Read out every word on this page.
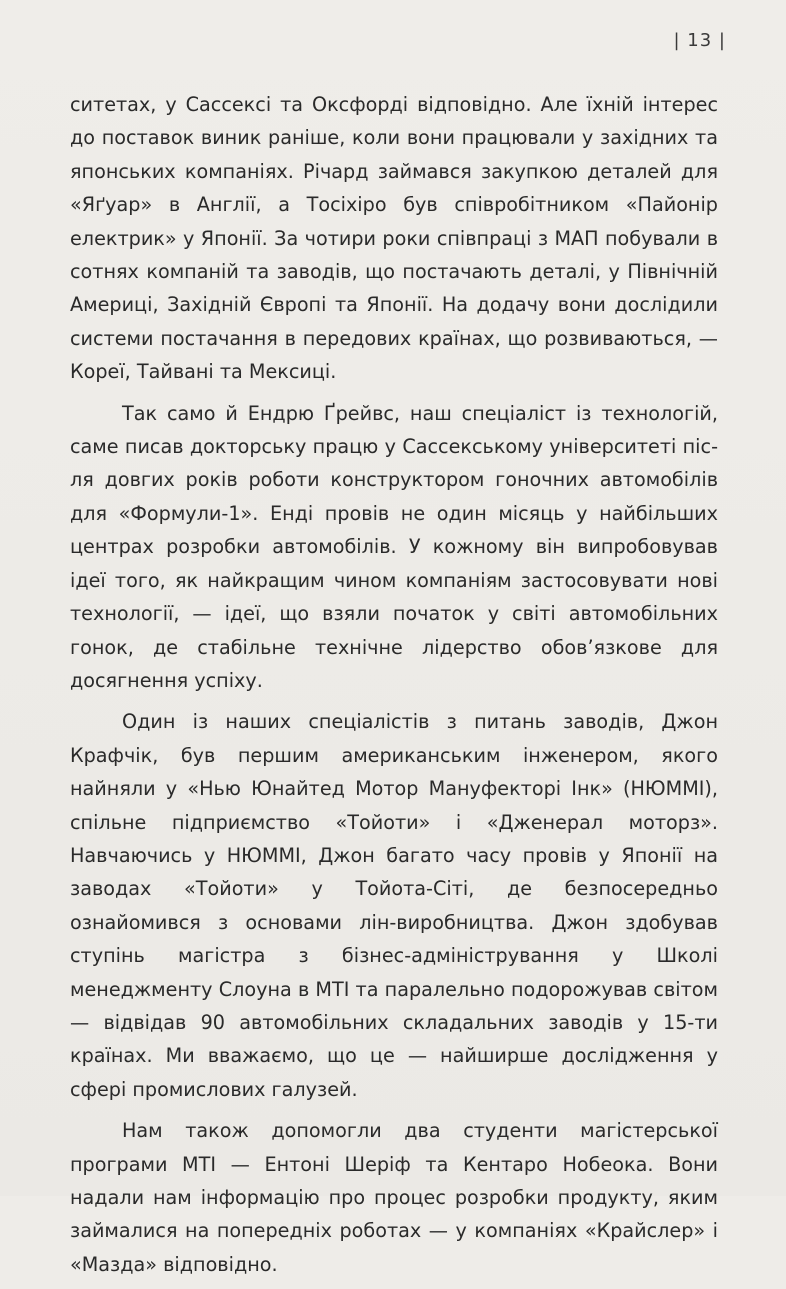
| 13 |

ситетах, у Сассексі та Оксфорді відповідно. Але їхній інтерес до поставок виник раніше, коли вони працювали у західних та японських компаніях. Річард займався закупкою деталей для «Яґуар» в Англії, а Тосіхіро був співробітником «Пайонір електрик» у Японії. За чотири роки співпраці з МАП побували в сотнях компаній та заводів, що постачають деталі, у Північній Америці, Західній Європі та Японії. На додачу вони дослідили системи постачання в передових країнах, що розвиваються, — Кореї, Тайвані та Мексиці.

Так само й Ендрю Ґрейвс, наш спеціаліст із технологій, саме писав докторську працю у Сассекському університеті після довгих років роботи конструктором гоночних автомобілів для «Формули-1». Енді провів не один місяць у найбільших центрах розробки автомобілів. У кожному він випробовував ідеї того, як найкращим чином компаніям застосовувати нові технології, — ідеї, що взяли початок у світі автомобільних гонок, де стабільне технічне лідерство обов’язкове для досягнення успіху.

Один із наших спеціалістів з питань заводів, Джон Крафчік, був першим американським інженером, якого найняли у «Нью Юнайтед Мотор Мануфекторі Інк» (НЮММІ), спільне підприємство «Тойоти» і «Дженерал моторз». Навчаючись у НЮММІ, Джон багато часу провів у Японії на заводах «Тойоти» у Тойота-Сіті, де безпосередньо ознайомився з основами лін-виробництва. Джон здобував ступінь магістра з бізнес-адміністрування у Школі менеджменту Слоуна в МТІ та паралельно подорожував світом — відвідав 90 автомобільних складальних заводів у 15-ти країнах. Ми вважаємо, що це — найширше дослідження у сфері промислових галузей.

Нам також допомогли два студенти магістерської програми МТІ — Ентоні Шеріф та Кентаро Нобеока. Вони надали нам інформацію про процес розробки продукту, яким займалися на попередніх роботах — у компаніях «Крайслер» і «Мазда» відповідно.
